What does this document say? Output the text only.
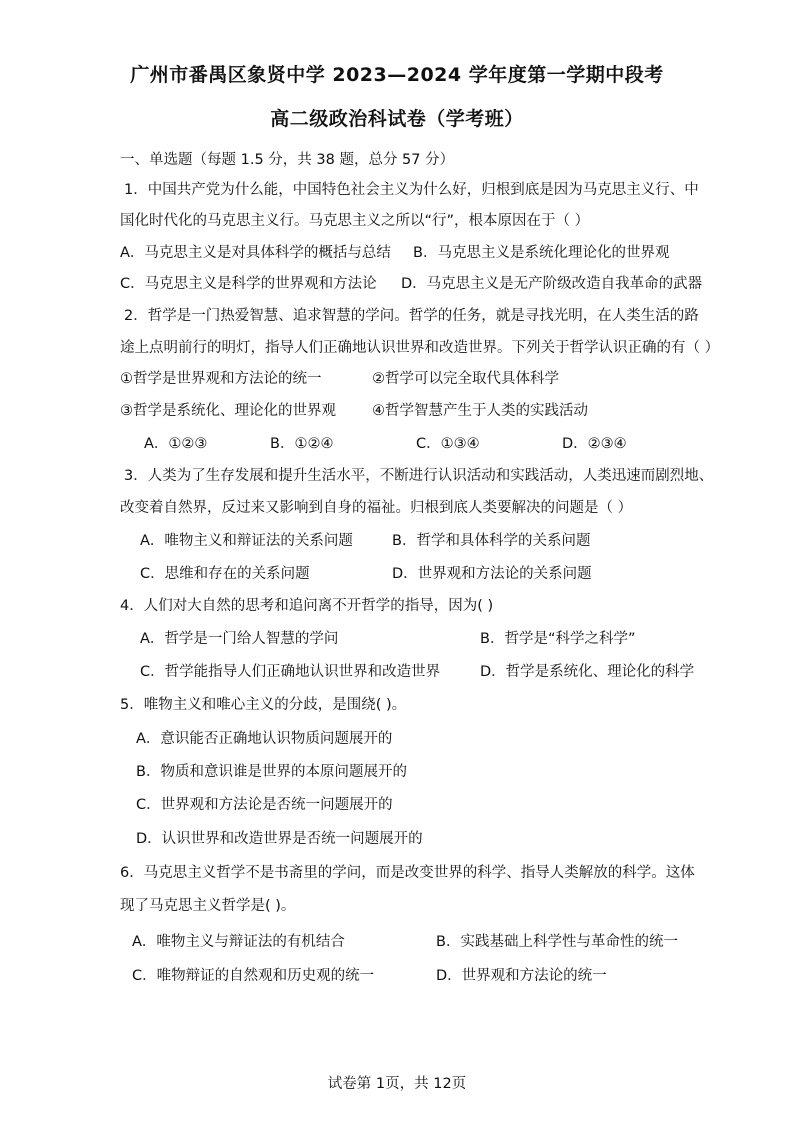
广州市番禺区象贤中学 2023—2024 学年度第一学期中段考
高二级政治科试卷（学考班）
一、单选题（每题 1.5 分，共 38 题，总分 57 分）
1．中国共产党为什么能，中国特色社会主义为什么好，归根到底是因为马克思主义行、中
国化时代化的马克思主义行。马克思主义之所以“行”，根本原因在于（ ）
A．马克思主义是对具体科学的概括与总结 B．马克思主义是系统化理论化的世界观
C．马克思主义是科学的世界观和方法论 D．马克思主义是无产阶级改造自我革命的武器
2．哲学是一门热爱智慧、追求智慧的学问。哲学的任务，就是寻找光明，在人类生活的路
途上点明前行的明灯，指导人们正确地认识世界和改造世界。下列关于哲学认识正确的有（ ）
①哲学是世界观和方法论的统一	②哲学可以完全取代具体科学
③哲学是系统化、理论化的世界观 ④哲学智慧产生于人类的实践活动
A．①②③	B．①②④	C．①③④	D．②③④
3．人类为了生存发展和提升生活水平，不断进行认识活动和实践活动，人类迅速而剧烈地、
改变着自然界，反过来又影响到自身的福祉。归根到底人类要解决的问题是（ ）
A．唯物主义和辩证法的关系问题	B．哲学和具体科学的关系问题
C．思维和存在的关系问题	D．世界观和方法论的关系问题
4．人们对大自然的思考和追问离不开哲学的指导，因为( )
A．哲学是一门给人智慧的学问	B．哲学是“科学之科学”
C．哲学能指导人们正确地认识世界和改造世界	D．哲学是系统化、理论化的科学
5．唯物主义和唯心主义的分歧，是围绕( )。
A．意识能否正确地认识物质问题展开的
B．物质和意识谁是世界的本原问题展开的
C．世界观和方法论是否统一问题展开的
D．认识世界和改造世界是否统一问题展开的
6．马克思主义哲学不是书斋里的学问，而是改变世界的科学、指导人类解放的科学。这体
现了马克思主义哲学是( )。
A．唯物主义与辩证法的有机结合	B．实践基础上科学性与革命性的统一
C．唯物辩证的自然观和历史观的统一	D．世界观和方法论的统一
试卷第 1页，共 12页
